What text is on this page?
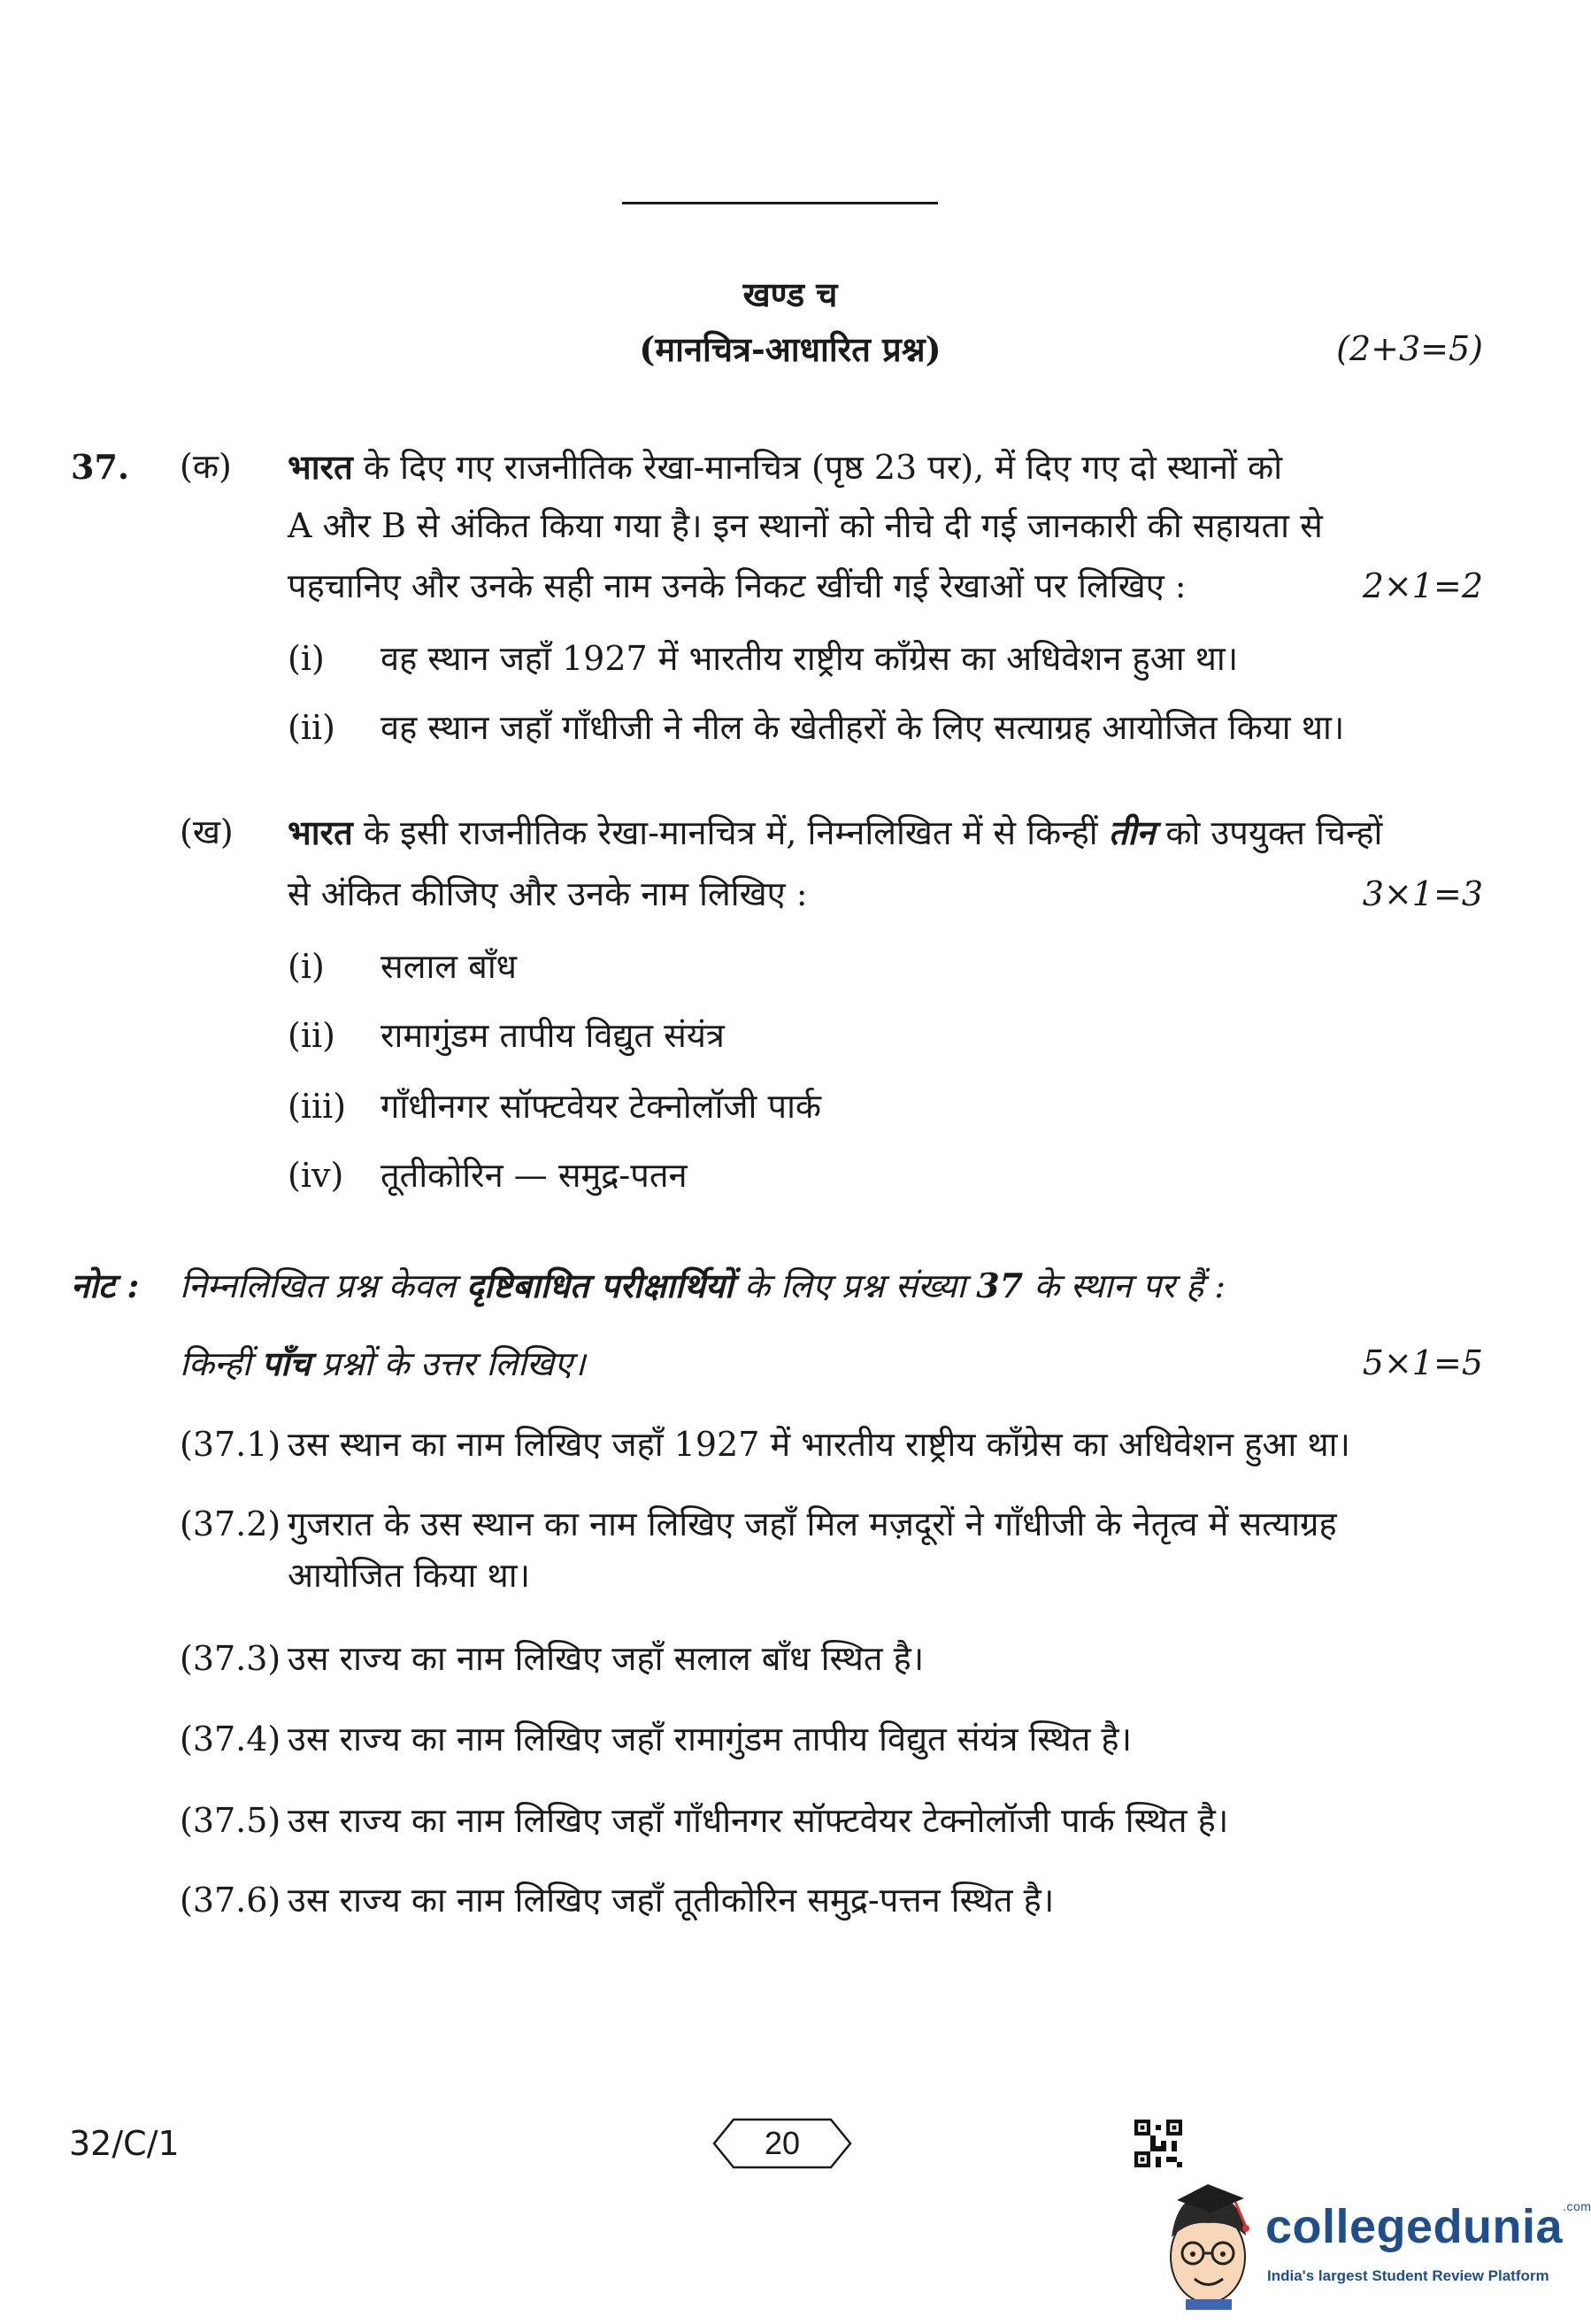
खण्ड च
(मानचित्र-आधारित प्रश्न)	(2+3=5)
37. (क) भारत के दिए गए राजनीतिक रेखा-मानचित्र (पृष्ठ 23 पर), में दिए गए दो स्थानों को
A और B से अंकित किया गया है। इन स्थानों को नीचे दी गई जानकारी की सहायता से
पहचानिए और उनके सही नाम उनके निकट खींची गई रेखाओं पर लिखिए :	2×1=2
(i) वह स्थान जहाँ 1927 में भारतीय राष्ट्रीय काँग्रेस का अधिवेशन हुआ था।
(ii) वह स्थान जहाँ गाँधीजी ने नील के खेतीहरों के लिए सत्याग्रह आयोजित किया था।
(ख) भारत के इसी राजनीतिक रेखा-मानचित्र में, निम्नलिखित में से किन्हीं तीन को उपयुक्त चिन्हों
से अंकित कीजिए और उनके नाम लिखिए :	3×1=3
(i) सलाल बाँध
(ii) रामागुंडम तापीय विद्युत संयंत्र
(iii) गाँधीनगर सॉफ्टवेयर टेक्नोलॉजी पार्क
(iv) तूतीकोरिन — समुद्र-पतन
नोट : निम्नलिखित प्रश्न केवल दृष्टिबाधित परीक्षार्थियों के लिए प्रश्न संख्या 37 के स्थान पर हैं :
किन्हीं पाँच प्रश्नों के उत्तर लिखिए।	5×1=5
(37.1) उस स्थान का नाम लिखिए जहाँ 1927 में भारतीय राष्ट्रीय काँग्रेस का अधिवेशन हुआ था।
(37.2) गुजरात के उस स्थान का नाम लिखिए जहाँ मिल मज़दूरों ने गाँधीजी के नेतृत्व में सत्याग्रह
आयोजित किया था।
(37.3) उस राज्य का नाम लिखिए जहाँ सलाल बाँध स्थित है।
(37.4) उस राज्य का नाम लिखिए जहाँ रामागुंडम तापीय विद्युत संयंत्र स्थित है।
(37.5) उस राज्य का नाम लिखिए जहाँ गाँधीनगर सॉफ्टवेयर टेक्नोलॉजी पार्क स्थित है।
(37.6) उस राज्य का नाम लिखिए जहाँ तूतीकोरिन समुद्र-पत्तन स्थित है।
32/C/1	20
collegedunia$^{.com}$
India's largest Student Review Platform
